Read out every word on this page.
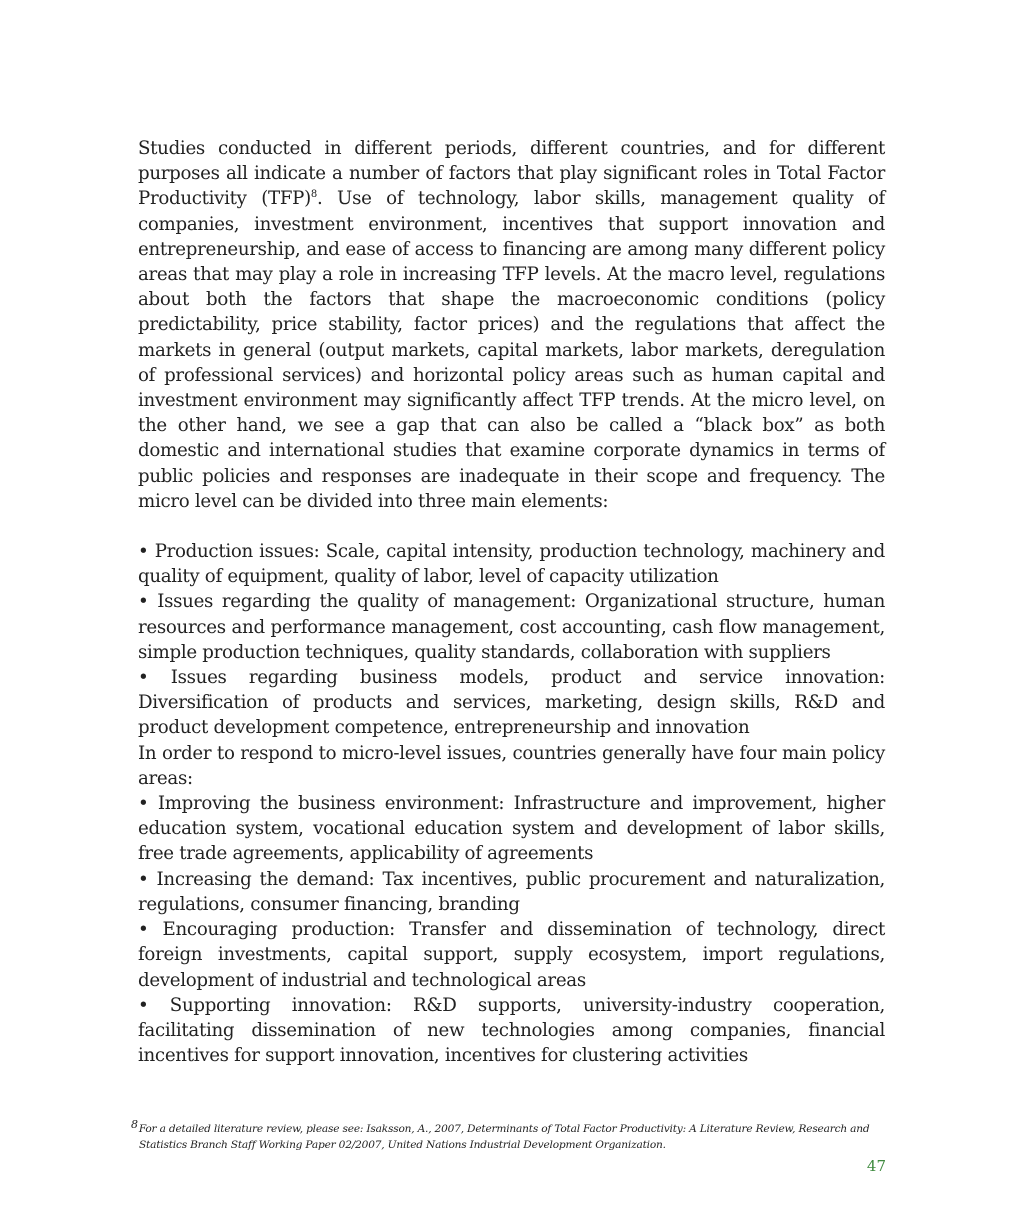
Studies conducted in different periods, different countries, and for different purposes all indicate a number of factors that play significant roles in Total Factor Productivity (TFP)$^8$. Use of technology, labor skills, management quality of companies, investment environment, incentives that support innovation and entrepreneurship, and ease of access to financing are among many different policy areas that may play a role in increasing TFP levels. At the macro level, regulations about both the factors that shape the macroeconomic conditions (policy predictability, price stability, factor prices) and the regulations that affect the markets in general (output markets, capital markets, labor markets, deregulation of professional services) and horizontal policy areas such as human capital and investment environment may significantly affect TFP trends. At the micro level, on the other hand, we see a gap that can also be called a “black box” as both domestic and international studies that examine corporate dynamics in terms of public policies and responses are inadequate in their scope and frequency. The micro level can be divided into three main elements:

• Production issues: Scale, capital intensity, production technology, machinery and quality of equipment, quality of labor, level of capacity utilization

• Issues regarding the quality of management: Organizational structure, human resources and performance management, cost accounting, cash flow management, simple production techniques, quality standards, collaboration with suppliers

• Issues regarding business models, product and service innovation: Diversification of products and services, marketing, design skills, R&D and product development competence, entrepreneurship and innovation

In order to respond to micro-level issues, countries generally have four main policy areas:

• Improving the business environment: Infrastructure and improvement, higher education system, vocational education system and development of labor skills, free trade agreements, applicability of agreements

• Increasing the demand: Tax incentives, public procurement and naturalization, regulations, consumer financing, branding

• Encouraging production: Transfer and dissemination of technology, direct foreign investments, capital support, supply ecosystem, import regulations, development of industrial and technological areas

• Supporting innovation: R&D supports, university-industry cooperation, facilitating dissemination of new technologies among companies, financial incentives for support innovation, incentives for clustering activities

8For a detailed literature review, please see: Isaksson, A., 2007, Determinants of Total Factor Productivity: A Literature Review, Research and
Statistics Branch Staff Working Paper 02/2007, United Nations Industrial Development Organization.
47
